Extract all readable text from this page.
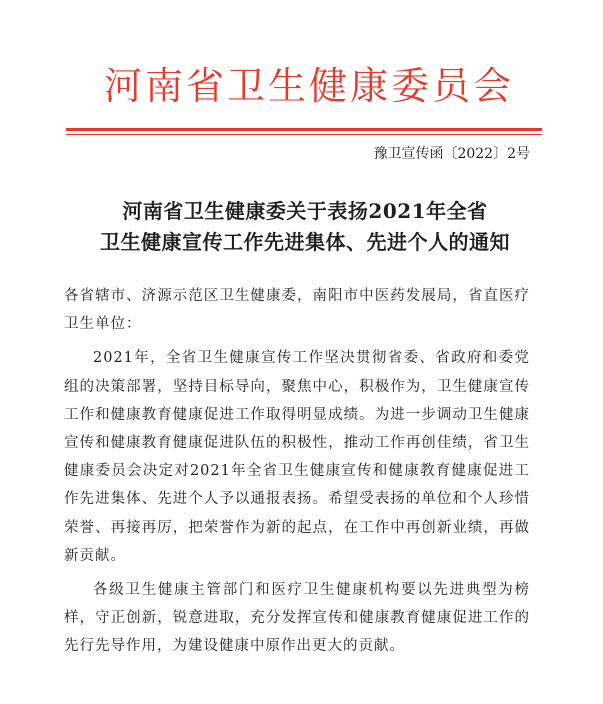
河南省卫生健康委员会
豫卫宣传函〔2022〕2号
河南省卫生健康委关于表扬2021年全省
卫生健康宣传工作先进集体、先进个人的通知

各省辖市、济源示范区卫生健康委，南阳市中医药发展局，省直医疗卫生单位：

2021年，全省卫生健康宣传工作坚决贯彻省委、省政府和委党组的决策部署，坚持目标导向，聚焦中心，积极作为，卫生健康宣传工作和健康教育健康促进工作取得明显成绩。为进一步调动卫生健康宣传和健康教育健康促进队伍的积极性，推动工作再创佳绩，省卫生健康委员会决定对2021年全省卫生健康宣传和健康教育健康促进工作先进集体、先进个人予以通报表扬。希望受表扬的单位和个人珍惜荣誉、再接再厉，把荣誉作为新的起点，在工作中再创新业绩，再做新贡献。

各级卫生健康主管部门和医疗卫生健康机构要以先进典型为榜样，守正创新，锐意进取，充分发挥宣传和健康教育健康促进工作的先行先导作用，为建设健康中原作出更大的贡献。
